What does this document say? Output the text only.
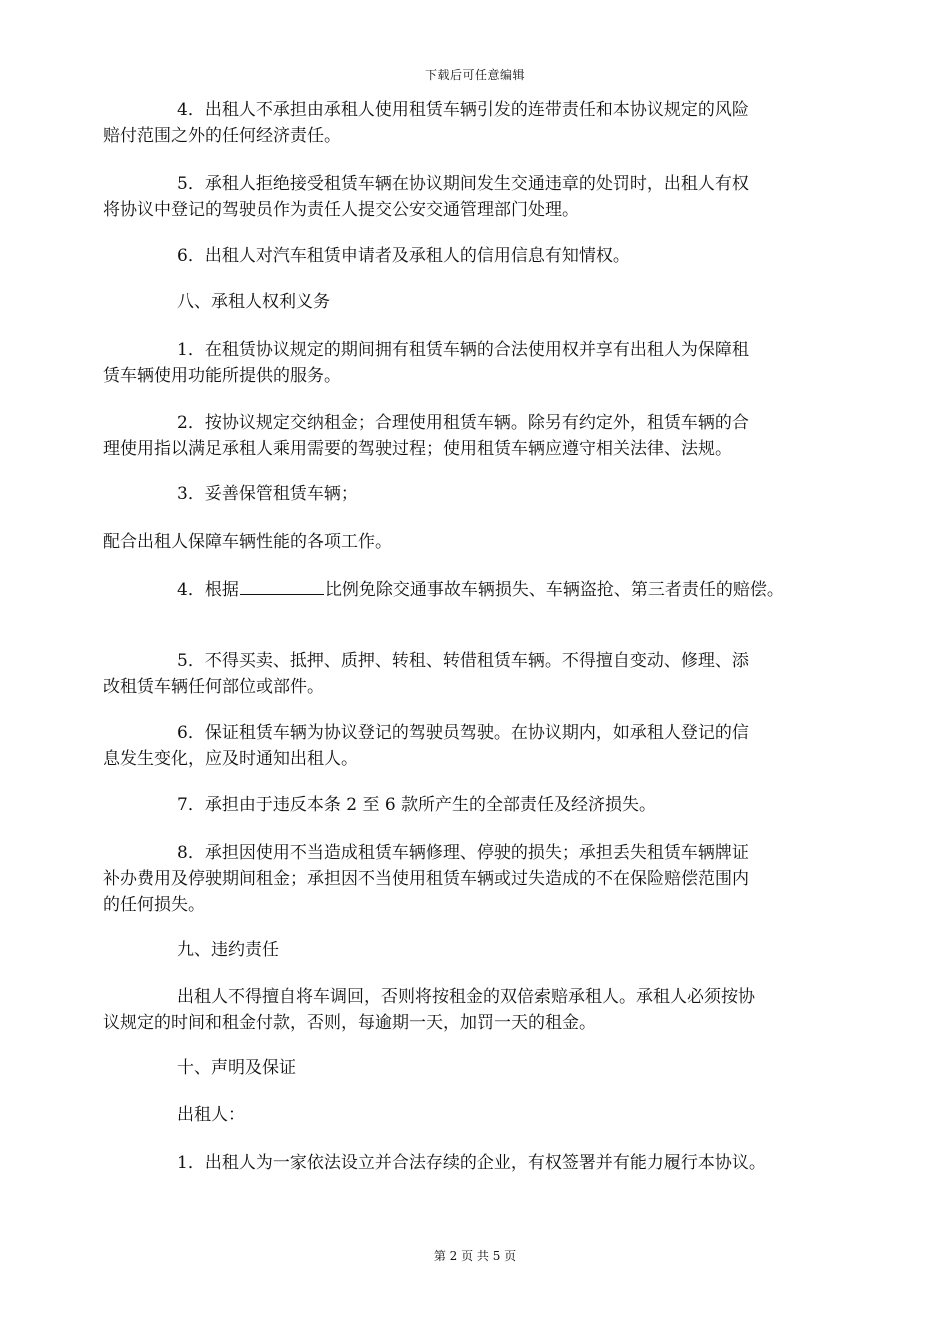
下载后可任意编辑

4．出租人不承担由承租人使用租赁车辆引发的连带责任和本协议规定的风险
赔付范围之外的任何经济责任。

5．承租人拒绝接受租赁车辆在协议期间发生交通违章的处罚时，出租人有权
将协议中登记的驾驶员作为责任人提交公安交通管理部门处理。

6．出租人对汽车租赁申请者及承租人的信用信息有知情权。

八、承租人权利义务

1．在租赁协议规定的期间拥有租赁车辆的合法使用权并享有出租人为保障租
赁车辆使用功能所提供的服务。

2．按协议规定交纳租金；合理使用租赁车辆。除另有约定外，租赁车辆的合
理使用指以满足承租人乘用需要的驾驶过程；使用租赁车辆应遵守相关法律、法规。

3．妥善保管租赁车辆；

配合出租人保障车辆性能的各项工作。

4．根据	比例免除交通事故车辆损失、车辆盗抢、第三者责任的赔偿。

5．不得买卖、抵押、质押、转租、转借租赁车辆。不得擅自变动、修理、添
改租赁车辆任何部位或部件。

6．保证租赁车辆为协议登记的驾驶员驾驶。在协议期内，如承租人登记的信
息发生变化，应及时通知出租人。

7．承担由于违反本条 2 至 6 款所产生的全部责任及经济损失。

8．承担因使用不当造成租赁车辆修理、停驶的损失；承担丢失租赁车辆牌证
补办费用及停驶期间租金；承担因不当使用租赁车辆或过失造成的不在保险赔偿范围内
的任何损失。

九、违约责任

出租人不得擅自将车调回，否则将按租金的双倍索赔承租人。承租人必须按协
议规定的时间和租金付款，否则，每逾期一天，加罚一天的租金。

十、声明及保证

出租人：

1．出租人为一家依法设立并合法存续的企业，有权签署并有能力履行本协议。

第 2 页 共 5 页
